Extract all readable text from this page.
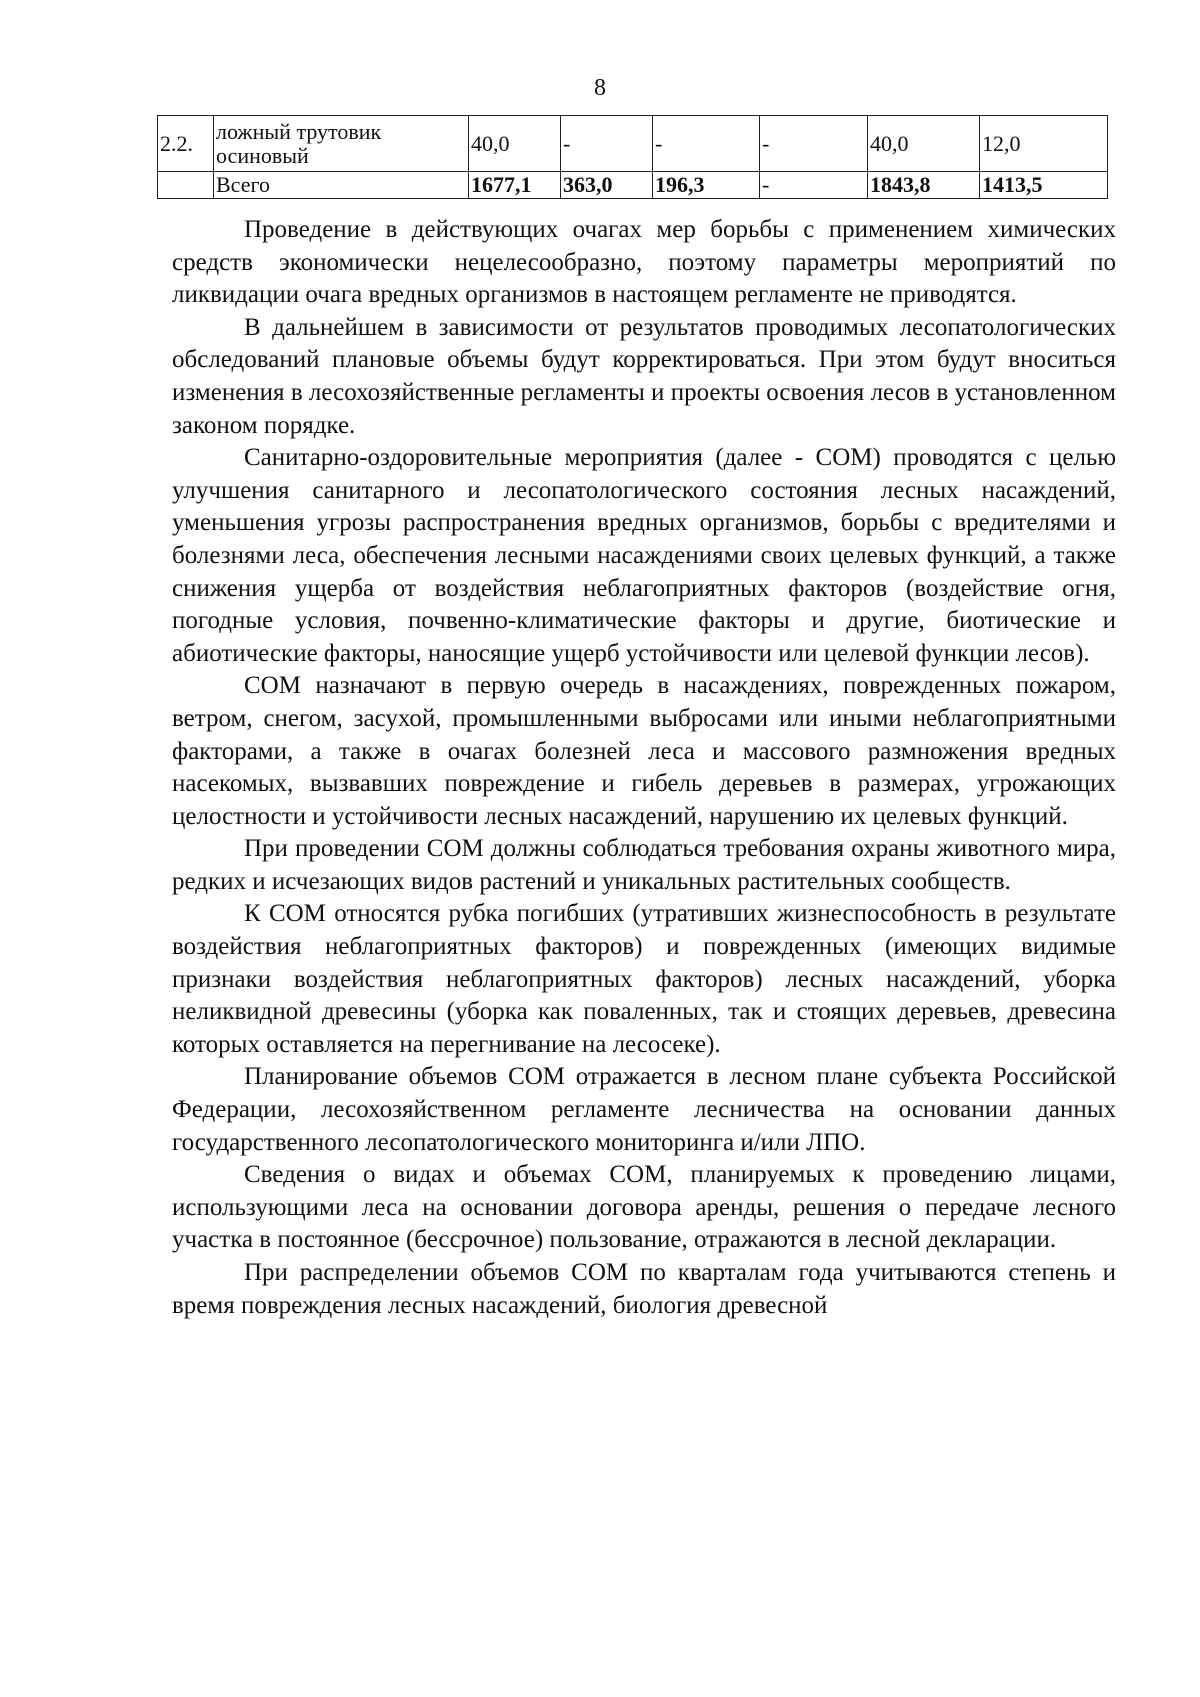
8
2.2.	ложный трутовик осиновый	40,0	-	-	-	40,0	12,0
	Всего	1677,1	363,0	196,3	-	1843,8	1413,5

Проведение в действующих очагах мер борьбы с применением химических средств экономически нецелесообразно, поэтому параметры мероприятий по ликвидации очага вредных организмов в настоящем регламенте не приводятся.

В дальнейшем в зависимости от результатов проводимых лесопатологических обследований плановые объемы будут корректироваться. При этом будут вноситься изменения в лесохозяйственные регламенты и проекты освоения лесов в установленном законом порядке.

Санитарно-оздоровительные мероприятия (далее - СОМ) проводятся с целью улучшения санитарного и лесопатологического состояния лесных насаждений, уменьшения угрозы распространения вредных организмов, борьбы с вредителями и болезнями леса, обеспечения лесными насаждениями своих целевых функций, а также снижения ущерба от воздействия неблагоприятных факторов (воздействие огня, погодные условия, почвенно-климатические факторы и другие, биотические и абиотические факторы, наносящие ущерб устойчивости или целевой функции лесов).

СОМ назначают в первую очередь в насаждениях, поврежденных пожаром, ветром, снегом, засухой, промышленными выбросами или иными неблагоприятными факторами, а также в очагах болезней леса и массового размножения вредных насекомых, вызвавших повреждение и гибель деревьев в размерах, угрожающих целостности и устойчивости лесных насаждений, нарушению их целевых функций.

При проведении СОМ должны соблюдаться требования охраны животного мира, редких и исчезающих видов растений и уникальных растительных сообществ.

К СОМ относятся рубка погибших (утративших жизнеспособность в результате воздействия неблагоприятных факторов) и поврежденных (имеющих видимые признаки воздействия неблагоприятных факторов) лесных насаждений, уборка неликвидной древесины (уборка как поваленных, так и стоящих деревьев, древесина которых оставляется на перегнивание на лесосеке).

Планирование объемов СОМ отражается в лесном плане субъекта Российской Федерации, лесохозяйственном регламенте лесничества на основании данных государственного лесопатологического мониторинга и/или ЛПО.

Сведения о видах и объемах СОМ, планируемых к проведению лицами, использующими леса на основании договора аренды, решения о передаче лесного участка в постоянное (бессрочное) пользование, отражаются в лесной декларации.

При распределении объемов СОМ по кварталам года учитываются степень и время повреждения лесных насаждений, биология древесной
